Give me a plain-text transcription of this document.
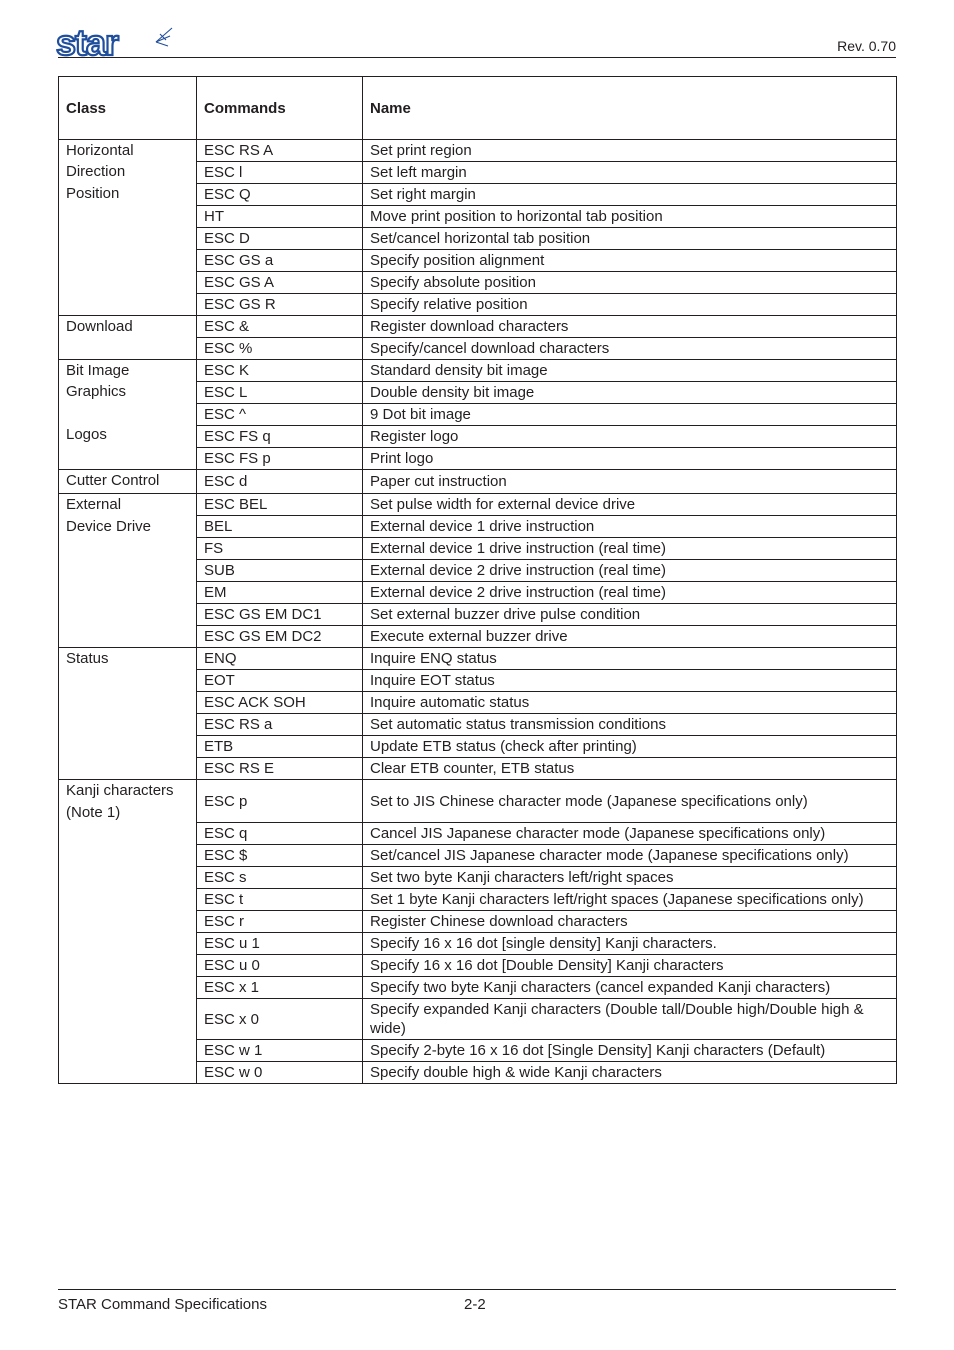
star	Rev. 0.70
Class	Commands	Name

Horizontal
Direction
Position	ESC RS A	Set print region
	ESC l	Set left margin
	ESC Q	Set right margin
	HT	Move print position to horizontal tab position
	ESC D	Set/cancel horizontal tab position
	ESC GS a	Specify position alignment
	ESC GS A	Specify absolute position
	ESC GS R	Specify relative position

Download	ESC &	Register download characters
	ESC %	Specify/cancel download characters

Bit Image
Graphics
Logos	ESC K	Standard density bit image
	ESC L	Double density bit image
	ESC ^	9 Dot bit image
	ESC FS q	Register logo
	ESC FS p	Print logo

Cutter Control	ESC d	Paper cut instruction

External
Device Drive	ESC BEL	Set pulse width for external device drive
	BEL	External device 1 drive instruction
	FS	External device 1 drive instruction (real time)
	SUB	External device 2 drive instruction (real time)
	EM	External device 2 drive instruction (real time)
	ESC GS EM DC1	Set external buzzer drive pulse condition
	ESC GS EM DC2	Execute external buzzer drive

Status	ENQ	Inquire ENQ status
	EOT	Inquire EOT status
	ESC ACK SOH	Inquire automatic status
	ESC RS a	Set automatic status transmission conditions
	ETB	Update ETB status (check after printing)
	ESC RS E	Clear ETB counter, ETB status

Kanji characters
(Note 1)	ESC p	Set to JIS Chinese character mode (Japanese specifications only)
	ESC q	Cancel JIS Japanese character mode (Japanese specifications only)
	ESC $	Set/cancel JIS Japanese character mode (Japanese specifications only)
	ESC s	Set two byte Kanji characters left/right spaces
	ESC t	Set 1 byte Kanji characters left/right spaces (Japanese specifications only)
	ESC r	Register Chinese download characters
	ESC u 1	Specify 16 x 16 dot [single density] Kanji characters.
	ESC u 0	Specify 16 x 16 dot [Double Density] Kanji characters
	ESC x 1	Specify two byte Kanji characters (cancel expanded Kanji characters)
	ESC x 0	Specify expanded Kanji characters (Double tall/Double high/Double high & wide)
	ESC w 1	Specify 2-byte 16 x 16 dot [Single Density] Kanji characters (Default)
	ESC w 0	Specify double high & wide Kanji characters
STAR Command Specifications	2-2
